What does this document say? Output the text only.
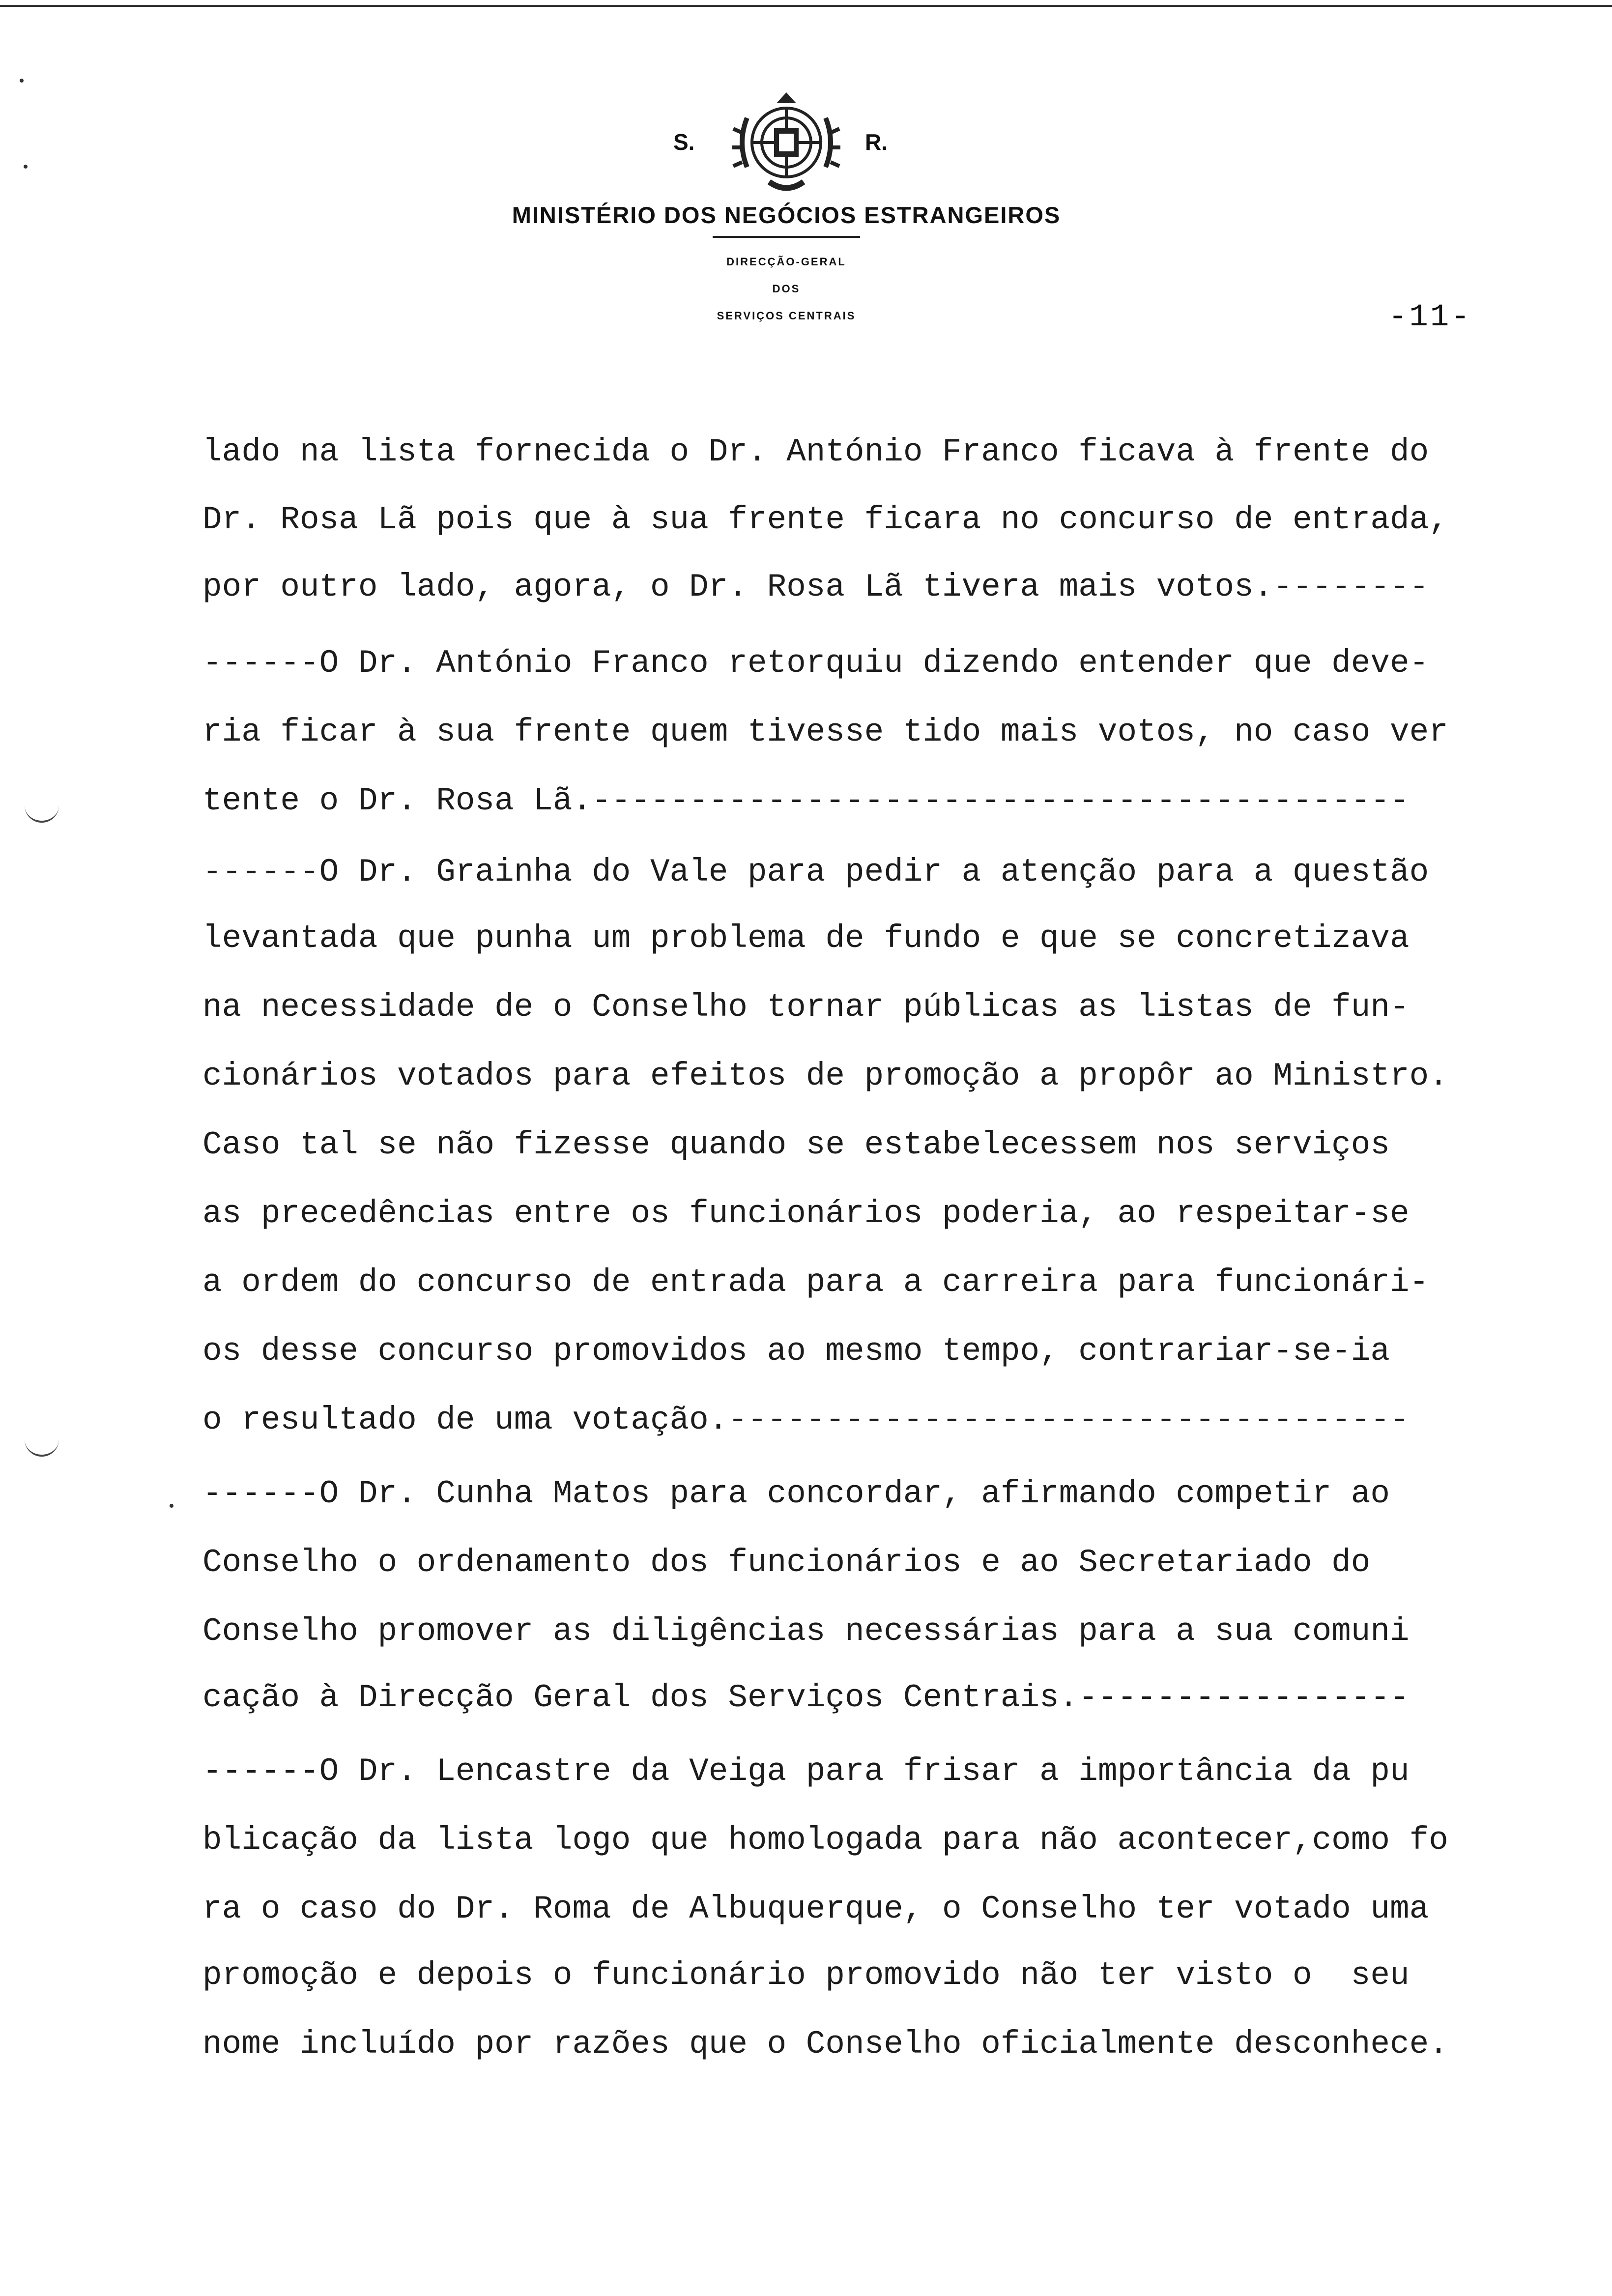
S.	R.
MINISTÉRIO DOS NEGÓCIOS ESTRANGEIROS
DIRECÇÃO-GERAL
DOS
SERVIÇOS CENTRAIS	-11-
lado na lista fornecida o Dr. António Franco ficava à frente do
Dr. Rosa Lã pois que à sua frente ficara no concurso de entrada,
por outro lado, agora, o Dr. Rosa Lã tivera mais votos.--------
------O Dr. António Franco retorquiu dizendo entender que deve-
ria ficar à sua frente quem tivesse tido mais votos, no caso ver
tente o Dr. Rosa Lã.------------------------------------------
------O Dr. Grainha do Vale para pedir a atenção para a questão
levantada que punha um problema de fundo e que se concretizava
na necessidade de o Conselho tornar públicas as listas de fun-
cionários votados para efeitos de promoção a propôr ao Ministro.
Caso tal se não fizesse quando se estabelecessem nos serviços
as precedências entre os funcionários poderia, ao respeitar-se
a ordem do concurso de entrada para a carreira para funcionári-
os desse concurso promovidos ao mesmo tempo, contrariar-se-ia
o resultado de uma votação.-----------------------------------
------O Dr. Cunha Matos para concordar, afirmando competir ao
Conselho o ordenamento dos funcionários e ao Secretariado do
Conselho promover as diligências necessárias para a sua comuni
cação à Direcção Geral dos Serviços Centrais.-----------------
------O Dr. Lencastre da Veiga para frisar a importância da pu
blicação da lista logo que homologada para não acontecer,como fo
ra o caso do Dr. Roma de Albuquerque, o Conselho ter votado uma
promoção e depois o funcionário promovido não ter visto o  seu
nome incluído por razões que o Conselho oficialmente desconhece.
